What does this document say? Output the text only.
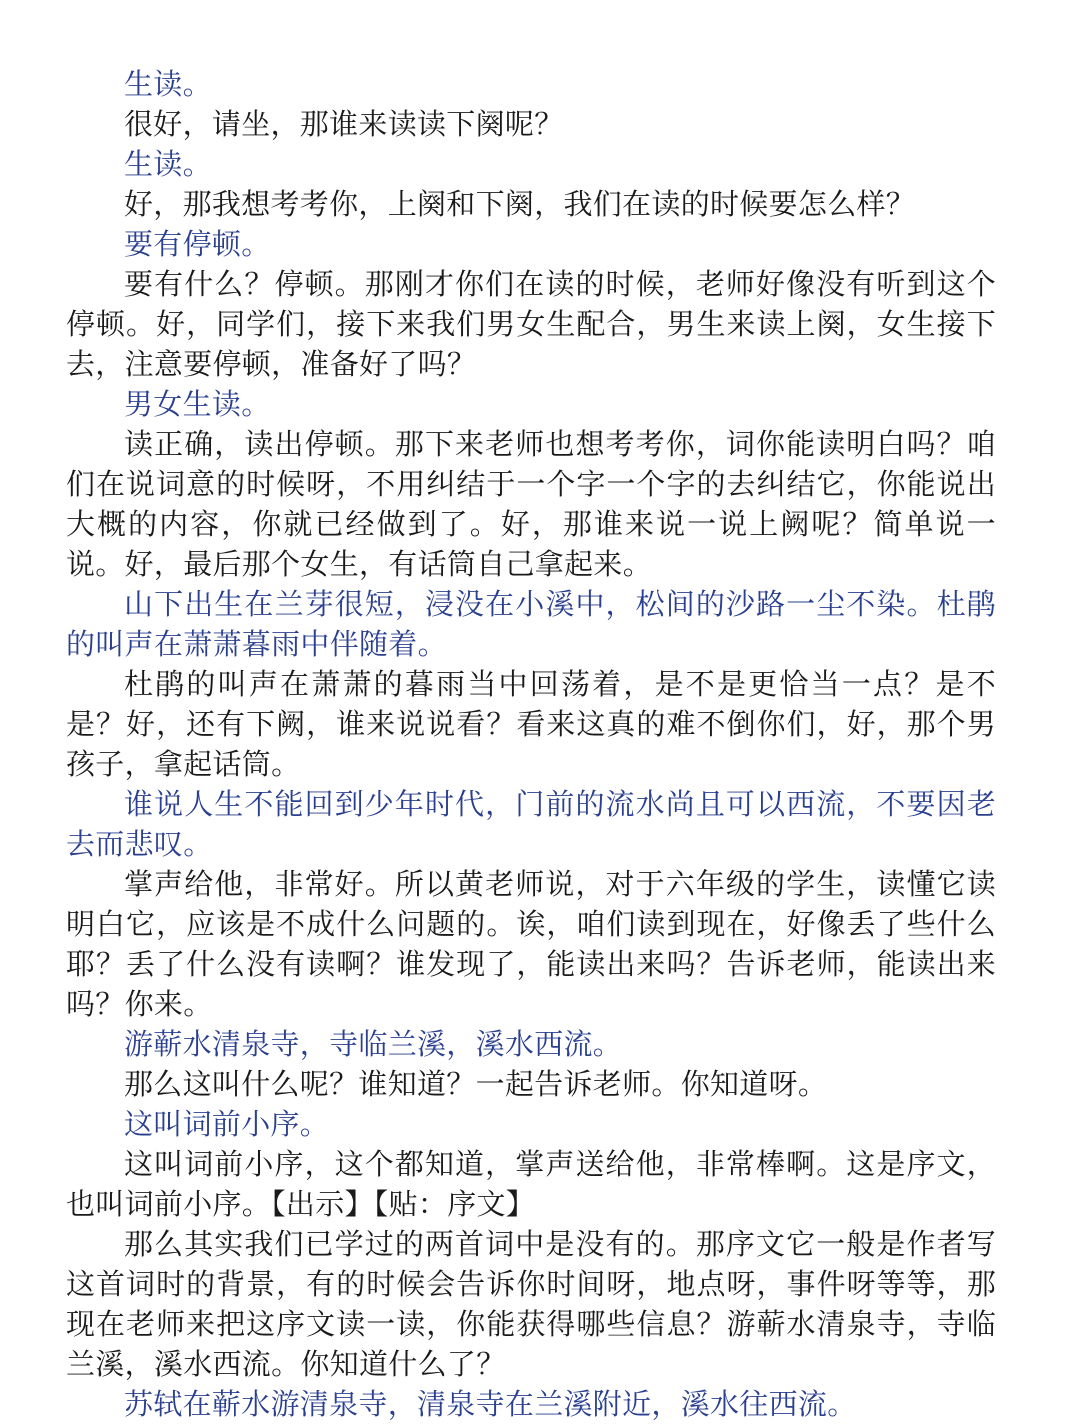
生读。

很好，请坐，那谁来读读下阕呢？

生读。

好，那我想考考你，上阕和下阕，我们在读的时候要怎么样？

要有停顿。

要有什么？停顿。那刚才你们在读的时候，老师好像没有听到这个停顿。好，同学们，接下来我们男女生配合，男生来读上阕，女生接下去，注意要停顿，准备好了吗？

男女生读。

读正确，读出停顿。那下来老师也想考考你，词你能读明白吗？咱们在说词意的时候呀，不用纠结于一个字一个字的去纠结它，你能说出大概的内容，你就已经做到了。好，那谁来说一说上阙呢？简单说一说。好，最后那个女生，有话筒自己拿起来。

山下出生在兰芽很短，浸没在小溪中，松间的沙路一尘不染。杜鹃的叫声在萧萧暮雨中伴随着。

杜鹃的叫声在萧萧的暮雨当中回荡着，是不是更恰当一点？是不是？好，还有下阙，谁来说说看？看来这真的难不倒你们，好，那个男孩子，拿起话筒。

谁说人生不能回到少年时代，门前的流水尚且可以西流，不要因老去而悲叹。

掌声给他，非常好。所以黄老师说，对于六年级的学生，读懂它读明白它，应该是不成什么问题的。诶，咱们读到现在，好像丢了些什么耶？丢了什么没有读啊？谁发现了，能读出来吗？告诉老师，能读出来吗？你来。

游蕲水清泉寺，寺临兰溪，溪水西流。

那么这叫什么呢？谁知道？一起告诉老师。你知道呀。

这叫词前小序。

这叫词前小序，这个都知道，掌声送给他，非常棒啊。这是序文，也叫词前小序。【出示】【贴：序文】

那么其实我们已学过的两首词中是没有的。那序文它一般是作者写这首词时的背景，有的时候会告诉你时间呀，地点呀，事件呀等等，那现在老师来把这序文读一读，你能获得哪些信息？游蕲水清泉寺，寺临兰溪，溪水西流。你知道什么了？

苏轼在蕲水游清泉寺，清泉寺在兰溪附近，溪水往西流。
